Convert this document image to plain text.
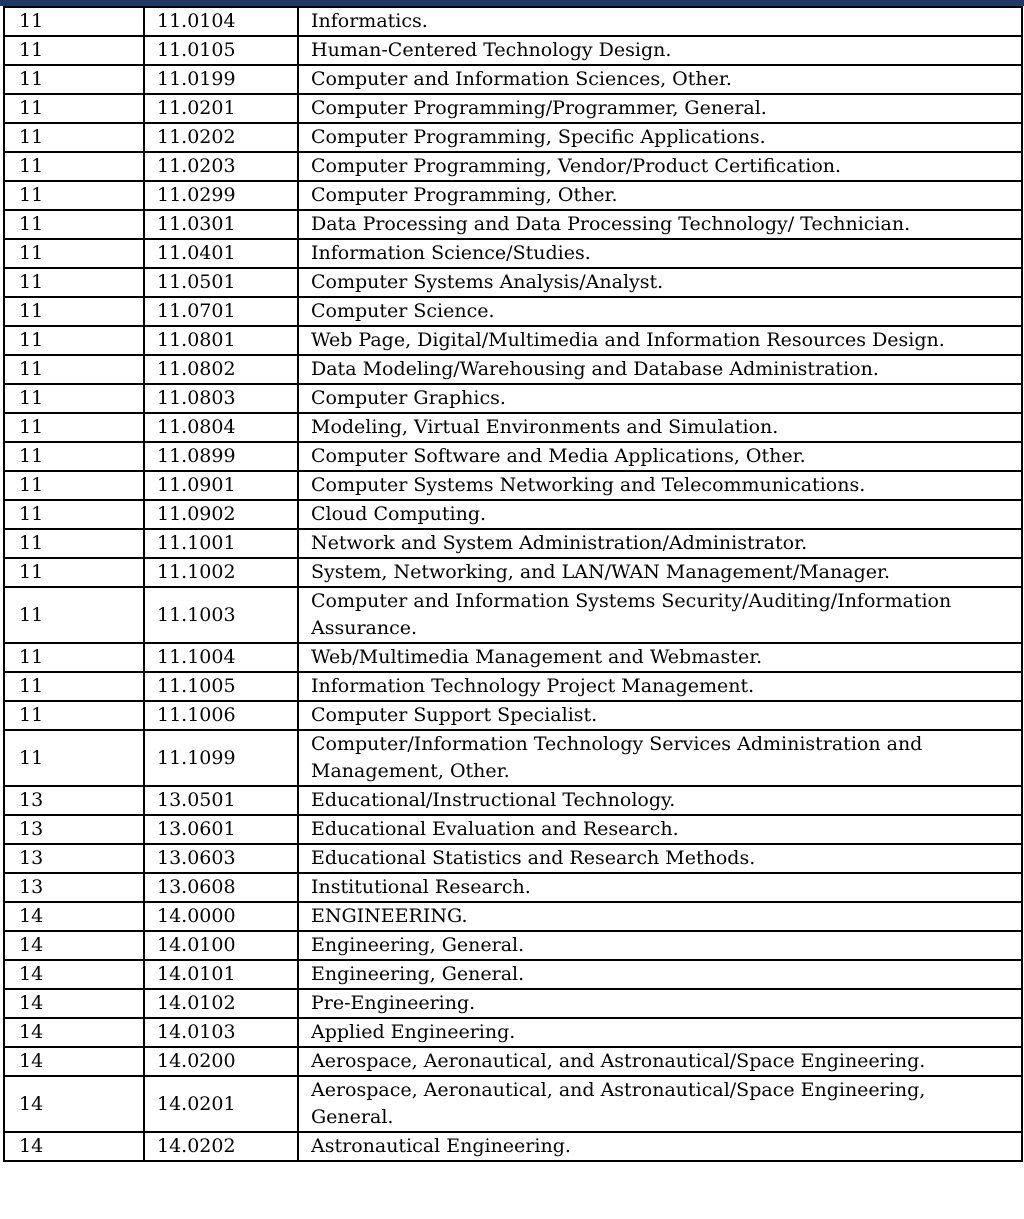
11	11.0104	Informatics.
11	11.0105	Human-Centered Technology Design.
11	11.0199	Computer and Information Sciences, Other.
11	11.0201	Computer Programming/Programmer, General.
11	11.0202	Computer Programming, Specific Applications.
11	11.0203	Computer Programming, Vendor/Product Certification.
11	11.0299	Computer Programming, Other.
11	11.0301	Data Processing and Data Processing Technology/ Technician.
11	11.0401	Information Science/Studies.
11	11.0501	Computer Systems Analysis/Analyst.
11	11.0701	Computer Science.
11	11.0801	Web Page, Digital/Multimedia and Information Resources Design.
11	11.0802	Data Modeling/Warehousing and Database Administration.
11	11.0803	Computer Graphics.
11	11.0804	Modeling, Virtual Environments and Simulation.
11	11.0899	Computer Software and Media Applications, Other.
11	11.0901	Computer Systems Networking and Telecommunications.
11	11.0902	Cloud Computing.
11	11.1001	Network and System Administration/Administrator.
11	11.1002	System, Networking, and LAN/WAN Management/Manager.
11	11.1003	Computer and Information Systems Security/Auditing/Information Assurance.
11	11.1004	Web/Multimedia Management and Webmaster.
11	11.1005	Information Technology Project Management.
11	11.1006	Computer Support Specialist.
11	11.1099	Computer/Information Technology Services Administration and Management, Other.
13	13.0501	Educational/Instructional Technology.
13	13.0601	Educational Evaluation and Research.
13	13.0603	Educational Statistics and Research Methods.
13	13.0608	Institutional Research.
14	14.0000	ENGINEERING.
14	14.0100	Engineering, General.
14	14.0101	Engineering, General.
14	14.0102	Pre-Engineering.
14	14.0103	Applied Engineering.
14	14.0200	Aerospace, Aeronautical, and Astronautical/Space Engineering.
14	14.0201	Aerospace, Aeronautical, and Astronautical/Space Engineering, General.
14	14.0202	Astronautical Engineering.
